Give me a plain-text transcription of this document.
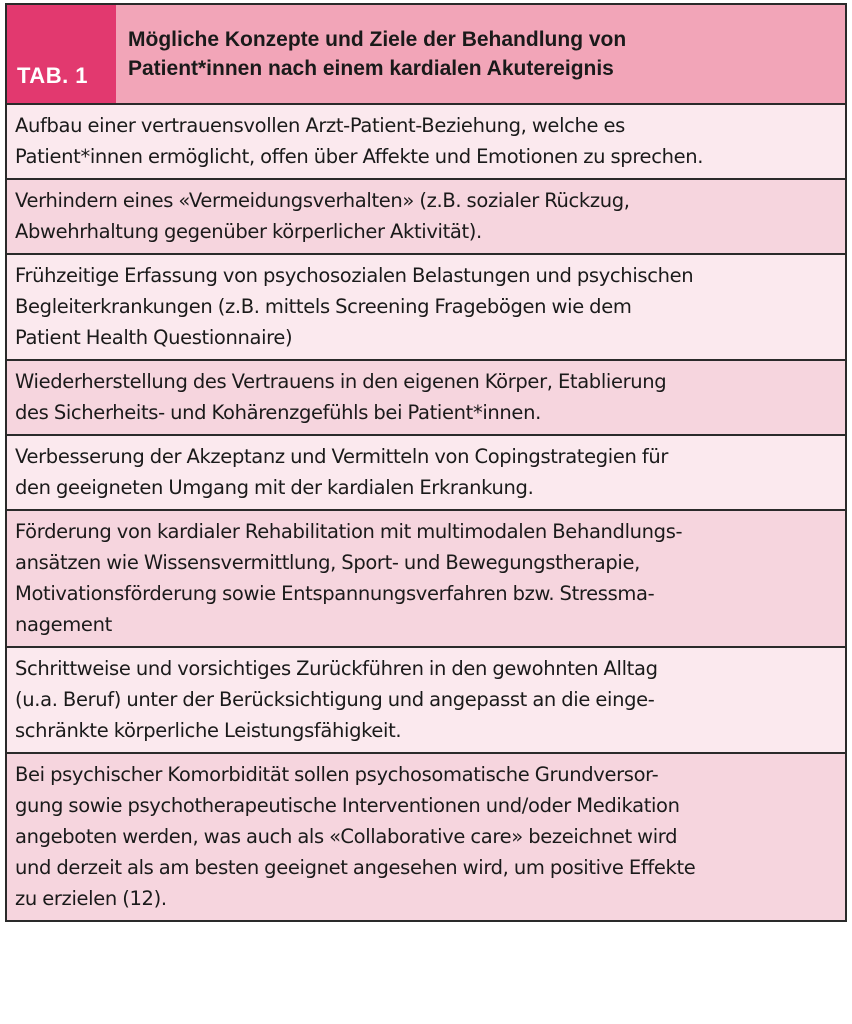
TAB. 1
Mögliche Konzepte und Ziele der Behandlung von
Patient*innen nach einem kardialen Akutereignis
Aufbau einer vertrauensvollen Arzt-Patient-Beziehung, welche es
Patient*innen ermöglicht, offen über Affekte und Emotionen zu sprechen.
Verhindern eines «Vermeidungsverhalten» (z.B. sozialer Rückzug,
Abwehrhaltung gegenüber körperlicher Aktivität).
Frühzeitige Erfassung von psychosozialen Belastungen und psychischen
Begleiterkrankungen (z.B. mittels Screening Fragebögen wie dem
Patient Health Questionnaire)
Wiederherstellung des Vertrauens in den eigenen Körper, Etablierung
des Sicherheits- und Kohärenzgefühls bei Patient*innen.
Verbesserung der Akzeptanz und Vermitteln von Copingstrategien für
den geeigneten Umgang mit der kardialen Erkrankung.
Förderung von kardialer Rehabilitation mit multimodalen Behandlungs-
ansätzen wie Wissensvermittlung, Sport- und Bewegungstherapie,
Motivationsförderung sowie Entspannungsverfahren bzw. Stressma-
nagement
Schrittweise und vorsichtiges Zurückführen in den gewohnten Alltag
(u.a. Beruf) unter der Berücksichtigung und angepasst an die einge-
schränkte körperliche Leistungsfähigkeit.
Bei psychischer Komorbidität sollen psychosomatische Grundversor-
gung sowie psychotherapeutische Interventionen und/oder Medikation
angeboten werden, was auch als «Collaborative care» bezeichnet wird
und derzeit als am besten geeignet angesehen wird, um positive Effekte
zu erzielen (12).
